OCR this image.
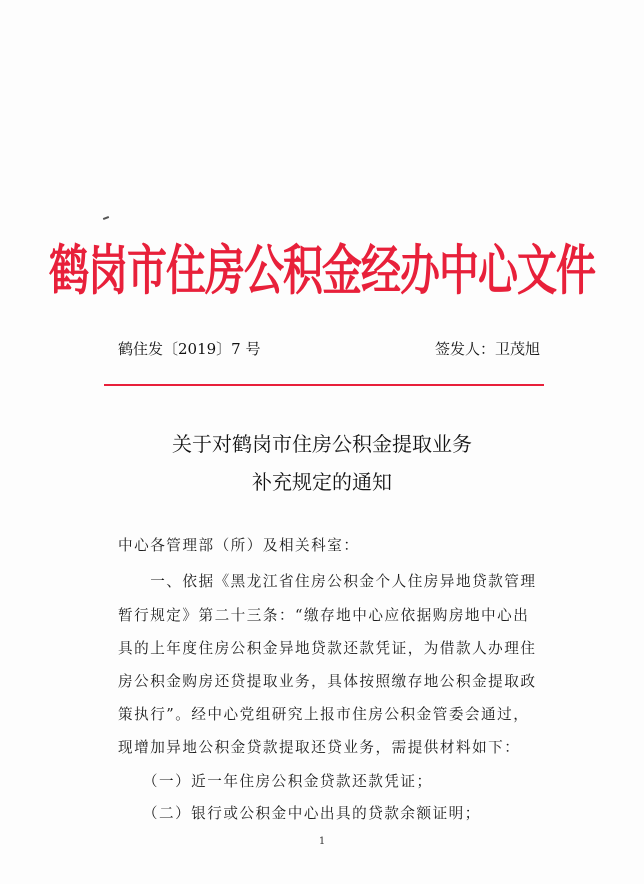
鹤岗市住房公积金经办中心文件
鹤住发〔2019〕7 号	签发人：卫茂旭
关于对鹤岗市住房公积金提取业务
补充规定的通知
中心各管理部（所）及相关科室：
　　一、依据《黑龙江省住房公积金个人住房异地贷款管理
暂行规定》第二十三条：“缴存地中心应依据购房地中心出
具的上年度住房公积金异地贷款还款凭证，为借款人办理住
房公积金购房还贷提取业务，具体按照缴存地公积金提取政
策执行”。经中心党组研究上报市住房公积金管委会通过，
现增加异地公积金贷款提取还贷业务，需提供材料如下：
　　（一）近一年住房公积金贷款还款凭证；
　　（二）银行或公积金中心出具的贷款余额证明；
1
